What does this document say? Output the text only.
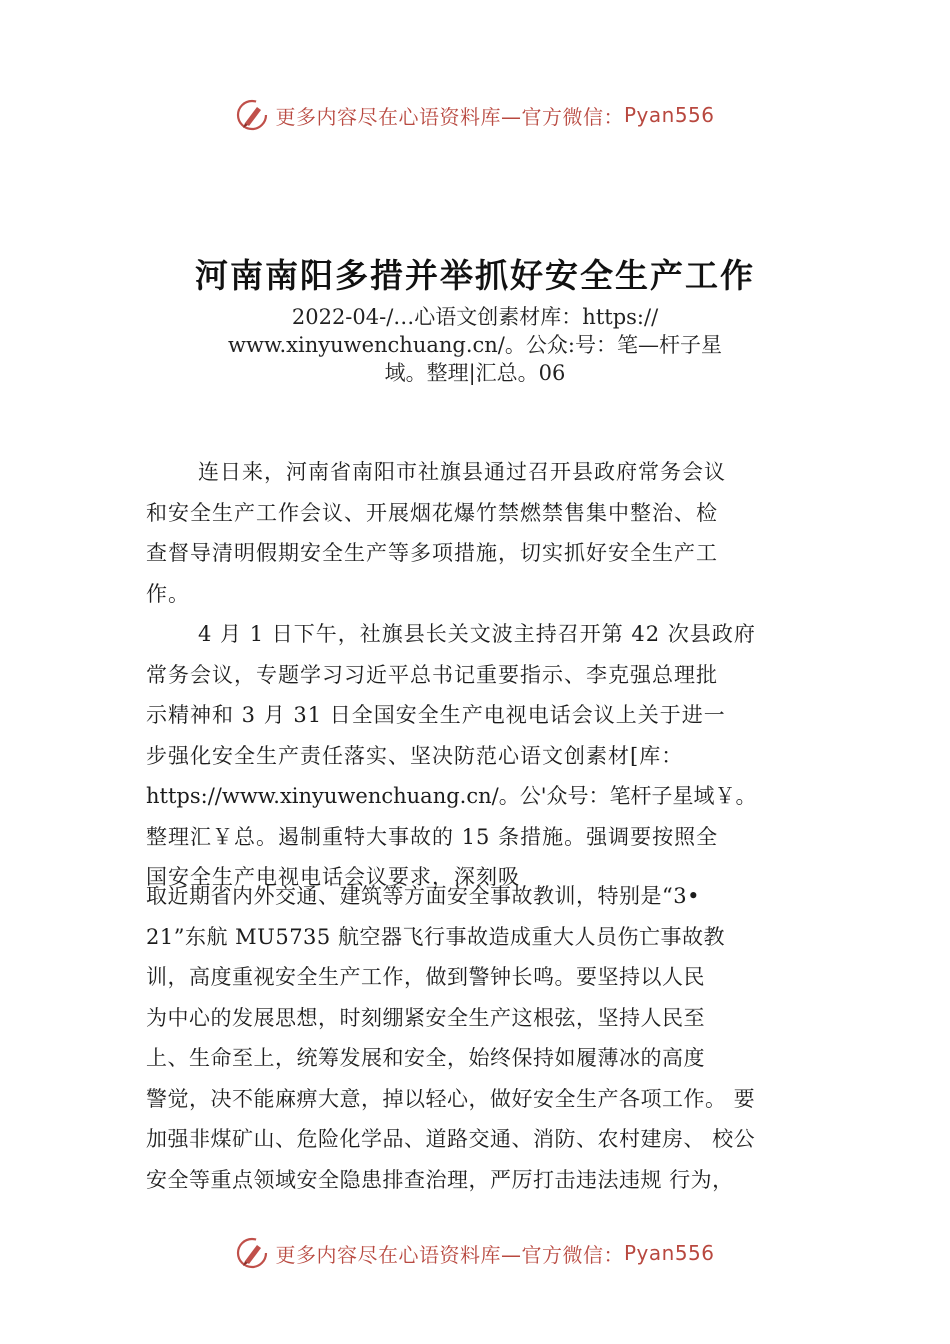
更多内容尽在心语资料库—官方微信： Pyan556
河南南阳多措并举抓好安全生产工作
2022-04-/…心语文创素材库：https://
www.xinyuwenchuang.cn/。公众:号：笔—杆子星
域。整理|汇总。06
连日来，河南省南阳市社旗县通过召开县政府常务会议
和安全生产工作会议、开展烟花爆竹禁燃禁售集中整治、检
查督导清明假期安全生产等多项措施，切实抓好安全生产工
作。
4 月 1 日下午，社旗县长关文波主持召开第 42 次县政府
常务会议，专题学习习近平总书记重要指示、李克强总理批
示精神和 3 月 31 日全国安全生产电视电话会议上关于进一
步强化安全生产责任落实、坚决防范心语文创素材[库：
https://www.xinyuwenchuang.cn/。公'众号：笔杆子星域￥。
整理汇￥总。遏制重特大事故的 15 条措施。强调要按照全
国安全生产电视电话会议要求，深刻吸
取近期省内外交通、建筑等方面安全事故教训，特别是“3•
21”东航 MU5735 航空器飞行事故造成重大人员伤亡事故教
训，高度重视安全生产工作，做到警钟长鸣。要坚持以人民
为中心的发展思想，时刻绷紧安全生产这根弦，坚持人民至
上、生命至上，统筹发展和安全，始终保持如履薄冰的高度
警觉，决不能麻痹大意，掉以轻心，做好安全生产各项工作。 要
加强非煤矿山、危险化学品、道路交通、消防、农村建房、 校公
安全等重点领域安全隐患排查治理，严厉打击违法违规 行为，
更多内容尽在心语资料库—官方微信： Pyan556
